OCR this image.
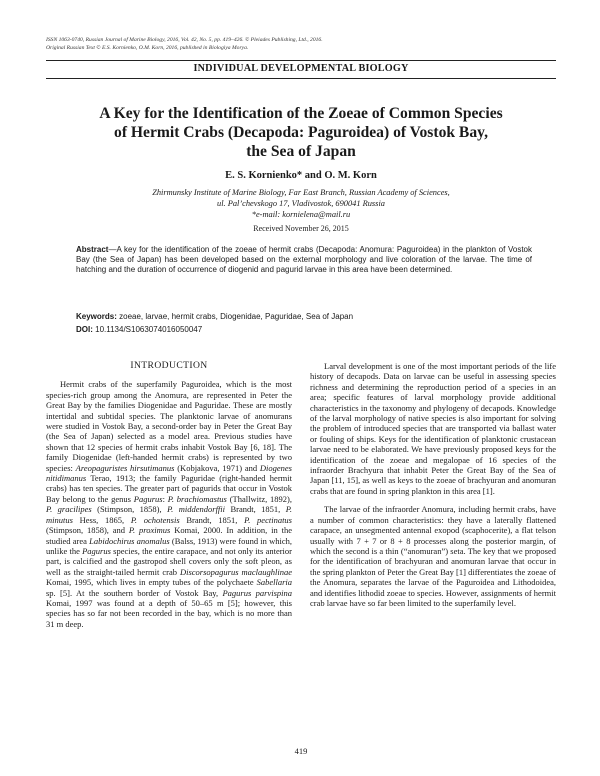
ISSN 1063-0740, Russian Journal of Marine Biology, 2016, Vol. 42, No. 5, pp. 419–426. © Pleiades Publishing, Ltd., 2016.
Original Russian Text © E.S. Kornienko, O.M. Korn, 2016, published in Biologiya Morya.
INDIVIDUAL DEVELOPMENTAL BIOLOGY
A Key for the Identification of the Zoeae of Common Species
of Hermit Crabs (Decapoda: Paguroidea) of Vostok Bay,
the Sea of Japan
E. S. Kornienko* and O. M. Korn
Zhirmunsky Institute of Marine Biology, Far East Branch, Russian Academy of Sciences,
ul. Pal’chevskogo 17, Vladivostok, 690041 Russia
*e-mail: kornielena@mail.ru
Received November 26, 2015
Abstract—A key for the identification of the zoeae of hermit crabs (Decapoda: Anomura: Paguroidea) in the plankton of Vostok Bay (the Sea of Japan) has been developed based on the external morphology and live coloration of the larvae. The time of hatching and the duration of occurrence of diogenid and pagurid larvae in this area have been determined.
Keywords: zoeae, larvae, hermit crabs, Diogenidae, Paguridae, Sea of Japan
DOI: 10.1134/S1063074016050047

INTRODUCTION

Hermit crabs of the superfamily Paguroidea, which is the most species-rich group among the Anomura, are represented in Peter the Great Bay by the families Diogenidae and Paguridae. These are mostly intertidal and subtidal species. The planktonic larvae of anomurans were studied in Vostok Bay, a second-order bay in Peter the Great Bay (the Sea of Japan) selected as a model area. Previous studies have shown that 12 species of hermit crabs inhabit Vostok Bay [6, 18]. The family Diogenidae (left-handed hermit crabs) is represented by two species: Areopaguristes hirsutimanus (Kobjakova, 1971) and Diogenes nitidimanus Terao, 1913; the family Paguridae (right-handed hermit crabs) has ten species. The greater part of pagurids that occur in Vostok Bay belong to the genus Pagurus: P. brachiomastus (Thallwitz, 1892), P. gracilipes (Stimpson, 1858), P. middendorffii Brandt, 1851, P. minutus Hess, 1865, P. ochotensis Brandt, 1851, P. pectinatus (Stimpson, 1858), and P. proximus Komai, 2000. In addition, in the studied area Labidochirus anomalus (Balss, 1913) were found in which, unlike the Pagurus species, the entire carapace, and not only its anterior part, is calcified and the gastropod shell covers only the soft pleon, as well as the straight-tailed hermit crab Discorsopagurus maclaughlinae Komai, 1995, which lives in empty tubes of the polychaete Sabellaria sp. [5]. At the southern border of Vostok Bay, Pagurus parvispina Komai, 1997 was found at a depth of 50–65 m [5]; however, this species has so far not been recorded in the bay, which is no more than 31 m deep.

Larval development is one of the most important periods of the life history of decapods. Data on larvae can be useful in assessing species richness and determining the reproduction period of a species in an area; specific features of larval morphology provide additional characteristics in the taxonomy and phylogeny of decapods. Knowledge of the larval morphology of native species is also important for solving the problem of introduced species that are transported via ballast water or fouling of ships. Keys for the identification of planktonic crustacean larvae need to be elaborated. We have previously proposed keys for the identification of the zoeae and megalopae of 16 species of the infraorder Brachyura that inhabit Peter the Great Bay of the Sea of Japan [11, 15], as well as keys to the zoeae of brachyuran and anomuran crabs that are found in spring plankton in this area [1].

The larvae of the infraorder Anomura, including hermit crabs, have a number of common characteristics: they have a laterally flattened carapace, an unsegmented antennal exopod (scaphocerite), a flat telson usually with 7 + 7 or 8 + 8 processes along the posterior margin, of which the second is a thin (“anomuran”) seta. The key that we proposed for the identification of brachyuran and anomuran larvae that occur in the spring plankton of Peter the Great Bay [1] differentiates the zoeae of the Anomura, separates the larvae of the Paguroidea and Lithodoidea, and identifies lithodid zoeae to species. However, assignments of hermit crab larvae have so far been limited to the superfamily level.

419
